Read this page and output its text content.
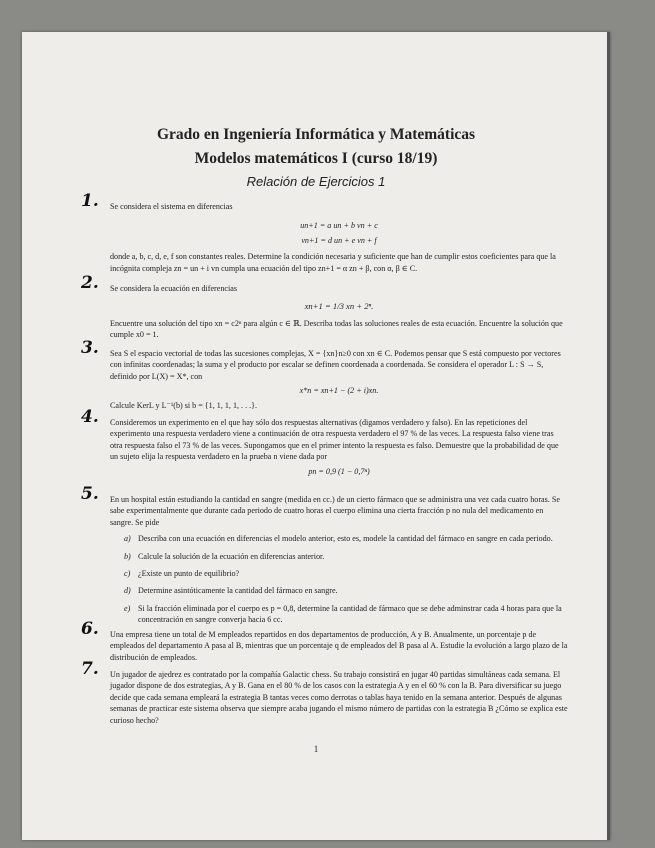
Grado en Ingeniería Informática y Matemáticas
Modelos matemáticos I (curso 18/19)
Relación de Ejercicios 1
1. Se considera el sistema en diferencias

un+1 = a un + b vn + c
vn+1 = d un + e vn + f

donde a, b, c, d, e, f son constantes reales. Determine la condición necesaria y suficiente que han de cumplir estos coeficientes para que la incógnita compleja zn = un + i vn cumpla una ecuación del tipo zn+1 = α zn + β, con α, β ∈ C.

2. Se considera la ecuación en diferencias

xn+1 = 1/3 xn + 2ⁿ.

Encuentre una solución del tipo xn = c2ⁿ para algún c ∈ ℝ. Describa todas las soluciones reales de esta ecuación. Encuentre la solución que cumple x0 = 1.

3. Sea S el espacio vectorial de todas las sucesiones complejas, X = {xn}n≥0 con xn ∈ C. Podemos pensar que S está compuesto por vectores con infinitas coordenadas; la suma y el producto por escalar se definen coordenada a coordenada. Se considera el operador L : S → S, definido por L(X) = X*, con

x*n = xn+1 − (2 + i)xn.

Calcule KerL y L⁻¹(b) si b = {1, 1, 1, 1, . . .}.

4. Consideremos un experimento en el que hay sólo dos respuestas alternativas (digamos verdadero y falso). En las repeticiones del experimento una respuesta verdadero viene a continuación de otra respuesta verdadero el 97 % de las veces. La respuesta falso viene tras otra respuesta falso el 73 % de las veces. Supongamos que en el primer intento la respuesta es falso. Demuestre que la probabilidad de que un sujeto elija la respuesta verdadero en la prueba n viene dada por

pn = 0,9 (1 − 0,7ⁿ)
5. En un hospital están estudiando la cantidad en sangre (medida en cc.) de un cierto fármaco que se administra una vez cada cuatro horas. Se sabe experimentalmente que durante cada periodo de cuatro horas el cuerpo elimina una cierta fracción p no nula del medicamento en sangre. Se pide

a) Describa con una ecuación en diferencias el modelo anterior, esto es, modele la cantidad del fármaco en sangre en cada periodo.
b) Calcule la solución de la ecuación en diferencias anterior.
c) ¿Existe un punto de equilibrio?
d) Determine asintóticamente la cantidad del fármaco en sangre.
e) Si la fracción eliminada por el cuerpo es p = 0,8, determine la cantidad de fármaco que se debe adminstrar cada 4 horas para que la concentración en sangre converja hacia 6 cc.
6. Una empresa tiene un total de M empleados repartidos en dos departamentos de producción, A y B. Anualmente, un porcentaje p de empleados del departamento A pasa al B, mientras que un porcentaje q de empleados del B pasa al A. Estudie la evolución a largo plazo de la distribución de empleados.

7. Un jugador de ajedrez es contratado por la compañía Galactic chess. Su trabajo consistirá en jugar 40 partidas simultáneas cada semana. El jugador dispone de dos estrategias, A y B. Gana en el 80 % de los casos con la estrategia A y en el 60 % con la B. Para diversificar su juego decide que cada semana empleará la estrategia B tantas veces como derrotas o tablas haya tenido en la semana anterior. Después de algunas semanas de practicar este sistema observa que siempre acaba jugando el mismo número de partidas con la estrategia B ¿Cómo se explica este curioso hecho?

1
